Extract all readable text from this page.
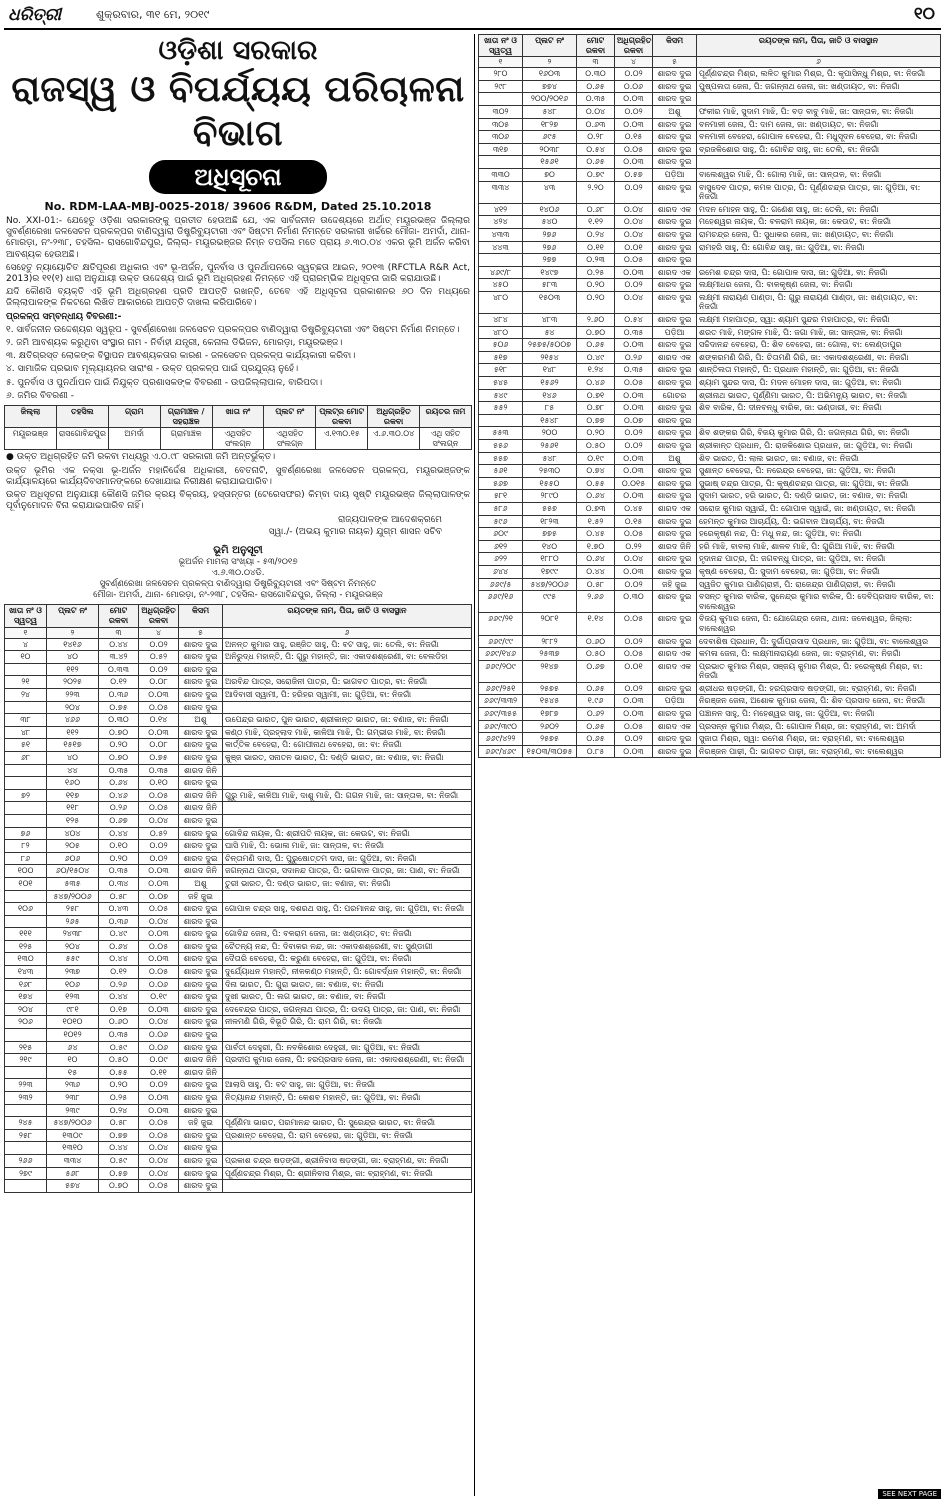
ଧରିତ୍ରୀ	ଶୁକ୍ରବାର, ୩୧ ମେ, ୨୦୧୯	୧୦
ଓଡ଼ିଶା ସରକାର
ରାଜସ୍ୱ ଓ ବିପର୍ଯ୍ୟୟ ପରିଚାଳନା ବିଭାଗ
ଅଧିସୂଚନା
No. RDM-LAA-MBJ-0025-2018/ 39606 R&DM, Dated 25.10.2018

No. XXI-01:- ଯେହେତୁ ଓଡ଼ିଶା ସରକାରଙ୍କୁ ପ୍ରତୀତ ହେଉଅଛି ଯେ, ଏକ ସାର୍ବଜନୀନ ଉଦ୍ଦେଶ୍ୟରେ ଅର୍ଥାତ୍ ମୟୂରଭଞ୍ଜ ଜିଲ୍ଲାର ସୁବର୍ଣ୍ଣରେଖା ଜଳସେଚନ ପ୍ରକଳ୍ପର ବାଣିଦ୍ୱାରା ଡିଷ୍ଟ୍ରିବ୍ୟୁଟାରୀ ଏବଂ ସିଷ୍ଟମ ନିର୍ମାଣ ନିମନ୍ତେ ସରକାରୀ ଖର୍ଚ୍ଚରେ ମୌଜା- ଅମର୍ଦା, ଥାନା- ମୋରଡ଼ା, ନଂ-୨୩୮, ତହସିଲ- ରାସଗୋବିନ୍ଦପୁର, ଜିଲ୍ଲା- ମୟୂରଭଞ୍ଜର ନିମ୍ନ ତପସିଲ ମତେ ପ୍ରାୟ ୬.୩୦.୦୪ ଏକର ଭୂମି ଅର୍ଜନ କରିବା ଆବଶ୍ୟକ ହେଉଅଛି।

ସେହେତୁ ନ୍ୟାୟୋଚିତ କ୍ଷତିପୂରଣ ଅଧିକାର ଏବଂ ଭୂ-ଅର୍ଜନ, ପୁନର୍ବାସ ଓ ପୁନର୍ଥାପନରେ ସ୍ୱଚ୍ଛତା ଆଇନ, ୨୦୧୩ (RFCTLA R&R Act, 2013)ର ୧୧(୧) ଧାରା ଅନୁଯାୟୀ ଉକ୍ତ ଉଦ୍ଦେଶ୍ୟ ପାଇଁ ଭୂମି ଅଧିଗ୍ରହଣ ନିମନ୍ତେ ଏହି ପ୍ରାରମ୍ଭିକ ଅଧିସୂଚନା ଜାରି କରାଯାଉଛି।

ଯଦି କୌଣସି ବ୍ୟକ୍ତି ଏହି ଭୂମି ଅଧିଗ୍ରହଣ ପ୍ରତି ଆପତ୍ତି ରଖନ୍ତି, ତେବେ ଏହି ଅଧିସୂଚନା ପ୍ରକାଶନର ୬୦ ଦିନ ମଧ୍ୟରେ ଜିଲ୍ଲାପାଳଙ୍କ ନିକଟରେ ଲିଖିତ ଆକାରରେ ଆପତ୍ତି ଦାଖଲ କରିପାରିବେ।

ପ୍ରକଳ୍ପ ସମ୍ବନ୍ଧୀୟ ବିବରଣୀ:-
୧. ସାର୍ବଜନୀନ ଉଦ୍ଦେଶ୍ୟର ସ୍ୱରୂପ - ସୁବର୍ଣ୍ଣରେଖା ଜଳସେଚନ ପ୍ରକଳ୍ପର ବାଣିଦ୍ୱାରା ଡିଷ୍ଟ୍ରିବ୍ୟୁଟାରୀ ଏବଂ ସିଷ୍ଟମ ନିର୍ମାଣ ନିମନ୍ତେ।
୨. ଜମି ଆବଶ୍ୟକ କରୁଥିବା ସଂସ୍ଥାର ନାମ - ନିର୍ବାହୀ ଯନ୍ତ୍ରୀ, କେନାଲ ଡିଭିଜନ, ମୋରଡ଼ା, ମୟୂରଭଞ୍ଜ।
୩. କ୍ଷତିଗ୍ରସ୍ତ ଲୋକଙ୍କ ବିସ୍ଥାପନ ଆବଶ୍ୟକତାର କାରଣ - ଜଳସେଚନ ପ୍ରକଳ୍ପ କାର୍ଯ୍ୟକାରୀ କରିବା।
୪. ସାମାଜିକ ପ୍ରଭାବ ମୂଲ୍ୟାୟନର ସାରାଂଶ - ଉକ୍ତ ପ୍ରକଳ୍ପ ପାଇଁ ପ୍ରଯୁଜ୍ୟ ନୁହେଁ।
୫. ପୁନର୍ବାସ ଓ ପୁନର୍ଥାପନ ପାଇଁ ନିଯୁକ୍ତ ପ୍ରଶାସକଙ୍କ ବିବରଣୀ - ଉପଜିଲ୍ଲାପାଳ, ବାରିପଦା।
୬. ଜମିର ବିବରଣୀ -
ଜିଲ୍ଲା	ତହସିଲ	ଗ୍ରାମ	ଗ୍ରାମାଞ୍ଚଳ / ସହରାଞ୍ଚଳ	ଖାତା ନଂ	ପ୍ଲଟ ନଂ	ପ୍ଲଟ୍‌ର ମୋଟ ରକବା	ଅଧିଗ୍ରହିତ ରକବା	ରୟତର ନାମ
ମୟୂରଭଞ୍ଜ	ରାସଗୋବିନ୍ଦପୁର	ଅମର୍ଦା	ଗ୍ରାମାଞ୍ଚଳ	ଏଥିସହିତ ସଂଲଗ୍ନ	ଏଥିସହିତ ସଂଲଗ୍ନ	ଏ.୧୩୦.୧୫	ଏ.୬.୩୦.୦୪	ଏଥି ସହିତ ସଂଲଗ୍ନ

● ଉକ୍ତ ଅଧିଗ୍ରହିତ ଜମି ରକବା ମଧ୍ୟରୁ ଏ.୦.୯୮ ସରକାରୀ ଜମି ଅନ୍ତର୍ଭୁକ୍ତ।

ଉକ୍ତ ଭୂମିର ଏକ ନକ୍ସା ଭୂ-ଅର୍ଜନ ମହାନିର୍ଦ୍ଦେଶ ଅଧିକାରୀ, ବେତନାଟି, ସୁବର୍ଣ୍ଣରେଖା ଜଳସେଚନ ପ୍ରକଳ୍ପ, ମୟୂରଭଞ୍ଜଙ୍କ କାର୍ଯ୍ୟାଳୟରେ କାର୍ଯ୍ୟଦିବସମାନଙ୍କରେ ଦେଖାଯାଇ ନିରୀକ୍ଷଣ କରାଯାଇପାରିବ।

ଉକ୍ତ ଅଧିସୂଚନା ଅନୁଯାୟୀ କୌଣସି ଜମିର କ୍ରୟ ବିକ୍ରୟ, ହସ୍ତାନ୍ତର (ଟେରେସଫର) କିମ୍ବା ଦାୟ ସୃଷ୍ଟି ମୟୂରଭଞ୍ଜ ଜିଲ୍ଲାପାଳଙ୍କ ପୂର୍ବାନୁମୋଦନ ବିନା କରାଯାଇପାରିବ ନାହିଁ।

ରାଜ୍ୟପାଳଙ୍କ ଆଦେଶକ୍ରମେ
ସ୍ୱା./- (ଅଭୟ କୁମାର ନାୟକ) ଯୁଗ୍ମ ଶାସନ ସଚିବ
ଭୂମି ଅନୁସୂଚୀ
ଭୂଅର୍ଜନ ମାମଲା ସଂଖ୍ୟା - ୫୩/୨୦୧୭
ଏ.୬.୩୦.୦୪ଡି.
ସୁବର୍ଣ୍ଣରେଖା ଜଳସେଚନ ପ୍ରକଳ୍ପ ବାଣିଦ୍ୱାରା ଡିଷ୍ଟ୍ରିବ୍ୟୁଟାରୀ ଏବଂ ସିଷ୍ଟମ ନିମନ୍ତେ
ମୌଜା- ଅମର୍ଦା, ଥାନା- ମୋରଡ଼ା, ନଂ-୨୩୮, ତହସିଲ- ରାସଗୋବିନ୍ଦପୁର, ଜିଲ୍ଲା - ମୟୂରଭଞ୍ଜ
ଖାତା ନଂ ଓ ସ୍ୱତ୍ୱ	ପ୍ଲଟ ନଂ	ମୋଟ ରକବା	ଅଧିଗ୍ରହିତ ରକବା	କିସମ	ରୟତଙ୍କ ନାମ, ପିତା, ଜାତି ଓ ବାସସ୍ଥାନ
୧	୨	୩	୪	୫	୬
୪	୧୪୧୬	୦.୪୪	୦.୦୨	ଶାରଦ ଦୁଇ	ଅନନ୍ତ କୁମାର ସାହୁ, ରଞ୍ଜିତ ସାହୁ, ପି: ବଟ ସାହୁ, ଜା: ତେଲି, ବା: ନିଜଗାଁ
୧୦	୪୦	୩.୪୨	୦.୫୨	ଶାରଦ ଦୁଇ	ଅନିରୁଦ୍ଧ ମହାନ୍ତି, ପି: ଗୁରୁ ମହାନ୍ତି, ଜା: ଏକାଦଶଶ୍ରେଣୀ, ବା: ବେଲଡିହା
	୧୧୨	୦.୩୩	୦.୦୨	ଶାରଦ ଦୁଇ	
୨୧	୨୦୨୫	୦.୧୨	୦.୦୮	ଶାରଦ ଦୁଇ	ଅରବିନ୍ଦ ପାତ୍ର, ସରୋଜିନୀ ପାତ୍ର, ପି: ଭାଗବତ ପାତ୍ର, ବା: ନିଜଗାଁ
୨୪	୨୨୩	୦.୩୬	୦.୦୩	ଶାରଦ ଦୁଇ	ଆଦିବାସୀ ସ୍ୱାମୀ, ପି: ହରିହର ସ୍ୱାମୀ, ଜା: ଗୁଡ଼ିଆ, ବା: ନିଜଗାଁ
	୨୦୪	୦.୭୫	୦.୦୫	ଶାରଦ ଦୁଇ	
୩୮	୪୬୬	୦.୩୦	୦.୧୪	ଅଶୁ	ଉପେନ୍ଦ୍ର ଭାରତ, ପୁନ ଭାରତ, ଶ୍ରୀକାନ୍ତ ଭାରତ, ଜା: ବଣାଜ, ବା: ନିଜଗାଁ
୪୮	୧୧୨	୦.୭୦	୦.୦୩	ଶାରଦ ଦୁଇ	କଣ୍ଠ ମାଝି, ପ୍ରହ୍ଲାଦ ମାଝି, କାଳିଆ ମାଝି, ପି: ଗମ୍ଭୀର ମାଝି, ବା: ନିଜଗାଁ
୫୧	୧୫୧୭	୦.୨୦	୦.୦୮	ଶାରଦ ଦୁଇ	କାର୍ତ୍ତିକ ବେହେରା, ପି: ଗୋପୀନାଥ ବେହେରା, ଜା: ବା: ନିଜଗାଁ
୬୮	୪୦	୦.୭୦	୦.୭୫	ଶାରଦ ଦୁଇ	କୁଞ୍ଜ ଭାରତ, ସନାତନ ଭାରତ, ପି: ଦଣ୍ଡି ଭାରତ, ଜା: ବଣାଜ, ବା: ନିଜଗାଁ
	୪୪	୦.୩୫	୦.୩୫	ଶାରଦ ଜିନି	
	୧୬୦	୦.୬୪	୦.୧୦	ଶାରଦ ଦୁଇ	
୭୨	୧୧୭	୦.୪୬	୦.୦୫	ଶାରଦ ଜିନି	ଗୁରୁ ମାଝି, କାଳିଆ ମାଝି, ଦାଶୁ ମାଝି, ପି: ଗଗନ ମାଝି, ଜା: ସାନ୍ତାଳ, ବା: ନିଜଗାଁ
	୧୧୮	୦.୨୬	୦.୦୫	ଶାରଦ ଜିନି	
	୧୨୫	୦.୬୭	୦.୦୪	ଶାରଦ ଦୁଇ	
୭୬	୪୦୪	୦.୪୪	୦.୫୨	ଶାରଦ ଦୁଇ	ଗୋବିନ୍ଦ ନାୟକ, ପି: ଶ୍ରୀପତି ନାୟକ, ଜା: କେଉଟ, ବା: ନିଜଗାଁ
୮୨	୨୦୫	୦.୧୦	୦.୦୨	ଶାରଦ ଦୁଇ	ଘାସି ମାଝି, ପି: ଭୋଳା ମାଝି, ଜା: ସାନ୍ତାଳ, ବା: ନିଜଗାଁ
୮୬	୬୦୬	୦.୨୦	୦.୦୨	ଶାରଦ ଦୁଇ	ଚିନ୍ତାମଣି ଦାସ, ପି: ପୁରୁଷୋତ୍ତମ ଦାସ, ଜା: ଗୁଡ଼ିଆ, ବା: ନିଜଗାଁ
୧୦୦	୬୦/୧୫୦୪	୦.୩୫	୦.୦୩	ଶାରଦ ଜିନି	ଜଗନ୍ନାଥ ପାତ୍ର, ସଦାନନ୍ଦ ପାତ୍ର, ପି: ଭଗବାନ ପାତ୍ର, ଜା: ପାଣ, ବା: ନିଜଗାଁ
୧୦୧	୫୩୫	୦.୩୪	୦.୦୩	ଅଶୁ	ତୁରୀ ଭାରତ, ପି: ଦଣ୍ଡ ଭାରତ, ଜା: ବଣାଜ, ବା: ନିଜଗାଁ
	୫୪୭/୨୦୦୬	୦.୫୮	୦.୦୭	ଜହି ଜୁଇ	
୧୦୬	୨୫୮	୦.୪୩	୦.୦୫	ଶାରଦ ଦୁଇ	ଗୋପାଳ ଚନ୍ଦ୍ର ସାହୁ, ଦଶରଥ ସାହୁ, ପି: ପରମାନନ୍ଦ ସାହୁ, ଜା: ଗୁଡ଼ିଆ, ବା: ନିଜଗାଁ
	୨୬୫	୦.୩୬	୦.୦୪	ଶାରଦ ଦୁଇ	
୧୧୧	୨୪୩୮	୦.୪୯	୦.୦୩	ଶାରଦ ଦୁଇ	ଗୋବିନ୍ଦ ଜେନା, ପି: ବଳରାମ ଜେନା, ଜା: ଖଣ୍ଡାୟତ, ବା: ନିଜଗାଁ
୧୨୫	୨୦୪	୦.୬୪	୦.୦୫	ଶାରଦ ଦୁଇ	ଚୈତନ୍ୟ ନନ୍ଦ, ପି: ଦିବାକର ନନ୍ଦ, ଜା: ଏକାଦଶଶ୍ରେଣୀ, ବା: ସୁଣ୍ଡାଗୀ
୧୩୦	୫୫୯	୦.୪୪	୦.୦୩	ଶାରଦ ଦୁଇ	ଦୈତାରି ବେହେରା, ପି: କରୁଣା ବେହେରା, ଜା: ଗୁଡ଼ିଆ, ବା: ନିଜଗାଁ
୧୪୩	୨୩୭	୦.୧୨	୦.୦୫	ଶାରଦ ଦୁଇ	ଦୁର୍ଯ୍ୟୋଧନ ମହାନ୍ତି, ନୀଳକଣ୍ଠ ମହାନ୍ତି, ପି: ଗୋବର୍ଦ୍ଧନ ମହାନ୍ତି, ବା: ନିଜଗାଁ
୧୬୮	୧୦୬	୦.୨୬	୦.୦୬	ଶାରଦ ଦୁଇ	ଦିନା ଭାରତ, ପି: ଗୁରା ଭାରତ, ଜା: ବଣାଜ, ବା: ନିଜଗାଁ
୧୭୪	୧୨୩	୦.୪୪	୦.୧୯	ଶାରଦ ଦୁଇ	ଦୁଖୀ ଭାରତ, ପି: ଲଗ ଭାରତ, ଜା: ବଣାଜ, ବା: ନିଜଗାଁ
୨୦୪	୯୮୧	୦.୧୭	୦.୦୩	ଶାରଦ ଦୁଇ	ଦେବେନ୍ଦ୍ର ପାତ୍ର, ଜଗନ୍ନାଥ ପାତ୍ର, ପି: ଉଦୟ ପାତ୍ର, ଜା: ପାଣ, ବା: ନିଜଗାଁ
୨୦୬	୧୦୧୦	୦.୬୦	୦.୦୪	ଶାରଦ ଦୁଇ	ନୀଳମଣି ଗିରି, ବିଭୂତି ଗିରି, ପି: ରାମ ଗିରି, ବା: ନିଜଗାଁ
	୧୦୧୨	୦.୩୫	୦.୦୬	ଶାରଦ ଦୁଇ	
୨୧୫	୬୪	୦.୫୯	୦.୦୬	ଶାରଦ ଦୁଇ	ପାର୍ବତୀ ଦେହୁରୀ, ପି: ନବକିଶୋର ଦେହୁରୀ, ଜା: ଗୁଡ଼ିଆ, ବା: ନିଜଗାଁ
୨୧୯	୧୦	୦.୫୦	୦.୦୯	ଶାରଦ ଜିନି	ପ୍ରଦୀପ କୁମାର ଜେନା, ପି: ହରପ୍ରସାଦ ଜେନା, ଜା: ଏକାଦଶଶ୍ରେଣୀ, ବା: ନିଜଗାଁ
	୧୫	୦.୫୫	୦.୧୧	ଶାରଦ ଜିନି	
୨୨୩	୨୩୬	୦.୨୦	୦.୦୨	ଶାରଦ ଦୁଇ	ଆଲାସି ସାହୁ, ପି: ବଟ ସାହୁ, ଜା: ଗୁଡ଼ିଆ, ବା: ନିଜଗାଁ
୨୩୨	୨୩୮	୦.୨୫	୦.୦୩	ଶାରଦ ଦୁଇ	ନିତ୍ୟାନନ୍ଦ ମହାନ୍ତି, ପି: କେଶବ ମହାନ୍ତି, ଜା: ଗୁଡ଼ିଆ, ବା: ନିଜଗାଁ
	୨୩୯	୦.୨୪	୦.୦୩	ଶାରଦ ଦୁଇ	
୨୪୫	୫୪୭/୨୦୦୬	୦.୫୮	୦.୦୫	ଜହି ଜୁଇ	ପୂର୍ଣ୍ଣିମା ଭାରତ, ପରମାନନ୍ଦ ଭାରତ, ପି: ସୁରେନ୍ଦ୍ର ଭାରତ, ବା: ନିଜଗାଁ
୨୫୮	୧୩୦୯	୦.୭୭	୦.୦୫	ଶାରଦ ଦୁଇ	ପ୍ରଶାନ୍ତ ବେହେରା, ପି: ରାମ ବେହେରା, ଜା: ଗୁଡ଼ିଆ, ବା: ନିଜଗାଁ
	୧୩୧୦	୦.୪୪	୦.୦୪	ଶାରଦ ଦୁଇ	
୨୬୬	୩୩୪	୦.୫୯	୦.୦୪	ଶାରଦ ଦୁଇ	ପ୍ରକାଶ ଚନ୍ଦ୍ର ଷଡ଼ଙ୍ଗୀ, ଶ୍ରୀନିବାସ ଷଡ଼ଙ୍ଗୀ, ଜା: ବ୍ରାହ୍ମଣ, ବା: ନିଜଗାଁ
୨୭୯	୫୬୮	୦.୫୭	୦.୦୪	ଶାରଦ ଦୁଇ	ପୂର୍ଣ୍ଣଚନ୍ଦ୍ର ମିଶ୍ର, ପି: ଶ୍ରୀନିବାସ ମିଶ୍ର, ଜା: ବ୍ରାହ୍ମଣ, ବା: ନିଜଗାଁ
	୫୭୪	୦.୭୦	୦.୦୫	ଶାରଦ ଦୁଇ	
ଖାତା ନଂ ଓ ସ୍ୱତ୍ୱ	ପ୍ଲଟ ନଂ	ମୋଟ ରକବା	ଅଧିଗ୍ରହିତ ରକବା	କିସମ	ରୟତଙ୍କ ନାମ, ପିତା, ଜାତି ଓ ବାସସ୍ଥାନ
୧	୨	୩	୪	୫	୬
୨୮୦	୧୬୦୩	୦.୩୦	୦.୦୨	ଶାରଦ ଦୁଇ	ପୂର୍ଣ୍ଣଚନ୍ଦ୍ର ମିଶ୍ର, ଲଳିତ କୁମାର ମିଶ୍ର, ପି: କୃପାସିନ୍ଧୁ ମିଶ୍ର, ବା: ନିଜଗାଁ
୨୯୮	୭୭୪	୦.୬୫	୦.୦୬	ଶାରଦ ଦୁଇ	ପୁଷ୍ପଲତା ଜେନା, ପି: ଜଗନ୍ନାଥ ଜେନା, ଜା: ଖଣ୍ଡାୟତ, ବା: ନିଜଗାଁ
	୨୦୦/୨୦୧୬	୦.୩୫	୦.୦୩	ଶାରଦ ଦୁଇ	
୩୦୨	୫୪୮	୦.୦୪	୦.୦୨	ଅଶୁ	ଫକୀର ମାଝି, ସୁଦାମ ମାଝି, ପି: ବଡ଼ ବାବୁ ମାଝି, ଜା: ସାନ୍ତାଳ, ବା: ନିଜଗାଁ
୩୦୫	୧୮୨୭	୦.୬୩	୦.୦୩	ଶାରଦ ଦୁଇ	ବନମାଳୀ ଜେନା, ପି: ଦାମ ଜେନା, ଜା: ଖଣ୍ଡାୟତ, ବା: ନିଜଗାଁ
୩୦୬	୬୯୫	୦.୨୮	୦.୧୫	ଶାରଦ ଦୁଇ	ବନମାଳୀ ବେହେରା, ଗୋପାଳ ବେହେରା, ପି: ମଧୁସୂଦନ ବେହେରା, ବା: ନିଜଗାଁ
୩୧୭	୨୦୩୮	୦.୫୪	୦.୦୫	ଶାରଦ ଦୁଇ	ବ୍ରଜକିଶୋର ସାହୁ, ପି: ଗୋବିନ୍ଦ ସାହୁ, ଜା: ତେଲି, ବା: ନିଜଗାଁ
	୧୫୬୧	୦.୬୫	୦.୦୩	ଶାରଦ ଦୁଇ	
୩୩୦	୭୦	୦.୭୯	୦.୫୭	ପଡ଼ିଆ	ବାଲେଶ୍ୱର ମାଝି, ପି: ଗୋଲା ମାଝି, ଜା: ସାନ୍ତାଳ, ବା: ନିଜଗାଁ
୩୩୪	୪୩	୨.୨୦	୦.୦୨	ଶାରଦ ଦୁଇ	ବାସୁଦେବ ପାତ୍ର, କମଳ ପାତ୍ର, ପି: ପୂର୍ଣ୍ଣଚନ୍ଦ୍ର ପାତ୍ର, ଜା: ଗୁଡ଼ିଆ, ବା: ନିଜଗାଁ
୪୧୨	୧୪୦୬	୦.୬୮	୦.୦୪	ଶାରଦ ଏକ	ମଦନ ମୋହନ ସାହୁ, ପି: ଗଣେଶ ସାହୁ, ଜା: ତେଲି, ବା: ନିଜଗାଁ
୪୨୪	୫୪୦	୧.୧୨	୦.୦୪	ଶାରଦ ଦୁଇ	ମହେଶ୍ୱର ନାୟକ, ପି: ବଳରାମ ନାୟକ, ଜା: କେଉଟ, ବା: ନିଜଗାଁ
୪୩୩	୨୭୬	୦.୨୪	୦.୦୪	ଶାରଦ ଦୁଇ	ରାମଚନ୍ଦ୍ର ଜେନା, ପି: ସୁଧାକର ଜେନା, ଜା: ଖଣ୍ଡାୟତ, ବା: ନିଜଗାଁ
୪୪୩	୨୭୬	୦.୧୧	୦.୦୧	ଶାରଦ ଦୁଇ	ରାମହରି ସାହୁ, ପି: ଗୋବିନ୍ଦ ସାହୁ, ଜା: ଗୁଡ଼ିଆ, ବା: ନିଜଗାଁ
	୨୭୭	୦.୨୩	୦.୦୫	ଶାରଦ ଦୁଇ	
୪୬୯/୮	୧୪୯୭	୦.୨୫	୦.୦୩	ଶାରଦ ଏକ	ରମେଶ ଚନ୍ଦ୍ର ଦାସ, ପି: ଗୋପାଳ ଦାସ, ଜା: ଗୁଡ଼ିଆ, ବା: ନିଜଗାଁ
୪୫୦	୫୮୩	୦.୨୦	୦.୦୨	ଶାରଦ ଦୁଇ	ଲକ୍ଷ୍ମୀଧର ଜେନା, ପି: ବାଳକୃଷ୍ଣ ଜେନା, ବା: ନିଜଗାଁ
୪୮୦	୧୫୦୩	୦.୨୦	୦.୦୪	ଶାରଦ ଦୁଇ	ଲକ୍ଷ୍ମୀ ନାରାୟଣ ପାଣ୍ଡା, ପି: ଗୁରୁ ନାରାୟଣ ପାଣ୍ଡା, ଜା: ଖଣ୍ଡାୟତ, ବା: ନିଜଗାଁ
୪୮୪	୪୮୩	୨.୬୦	୦.୫୪	ଶାରଦ ଦୁଇ	ଲକ୍ଷ୍ମୀ ମହାପାତ୍ର, ସ୍ୱା: ଶ୍ୟାମ ସୁନ୍ଦର ମହାପାତ୍ର, ବା: ନିଜଗାଁ
୪୮୦	୫୪	୦.୭୦	୦.୩୫	ପଡ଼ିଆ	ଶରତ ମାଝି, ମଙ୍ଗଳ ମାଝି, ପି: ଜଗା ମାଝି, ଜା: ସାନ୍ତାଳ, ବା: ନିଜଗାଁ
୫୦୬	୨୫୭୫/୫୦୦୭	୦.୬୫	୦.୦୩	ଶାରଦ ଦୁଇ	ସଚ୍ଚିଦାନନ୍ଦ ବେହେରା, ପି: ଶିବ ବେହେରା, ଜା: ଗୋଲା, ବା: ଲେଣ୍ଡାପୁର
୫୧୭	୨୧୫୪	୦.୪୯	୦.୨୬	ଶାରଦ ଏକ	ଶଙ୍କରମଣି ଗିରି, ପି: ଚିତାମଣି ଗିରି, ଜା: ଏକାଦଶଶ୍ରେଣୀ, ବା: ନିଜଗାଁ
୫୧୮	୧୪୮	୧.୨୪	୦.୩୫	ଶାରଦ ଦୁଇ	ଶାନ୍ତିଲତା ମହାନ୍ତି, ପି: ପ୍ରଧାନ ମହାନ୍ତି, ଜା: ଗୁଡ଼ିଆ, ବା: ନିଜଗାଁ
୫୪୫	୧୫୬୨	୦.୪୬	୦.୦୫	ଶାରଦ ଦୁଇ	ଶ୍ୟାମ ସୁନ୍ଦର ଦାସ, ପି: ମଦନ ମୋହନ ଦାସ, ଜା: ଗୁଡ଼ିଆ, ବା: ନିଜଗାଁ
୫୪୯	୧୪୬	୦.୭୧	୦.୦୩	ଗୋଚର	ଶ୍ରୀନାଥ ଭାରତ, ପୂର୍ଣ୍ଣିମା ଭାରତ, ପି: ଅଭିମନ୍ୟୁ ଭାରତ, ବା: ନିଜଗାଁ
୫୫୨	୮୫	୦.୭୮	୦.୦୩	ଶାରଦ ଦୁଇ	ଶିବ ବାରିକ, ପି: ଦୀନବନ୍ଧୁ ବାରିକ, ଜା: ଭଣ୍ଡାରୀ, ବା: ନିଜଗାଁ
	୧୫୪୮	୦.୭୭	୦.୦୭	ଶାରଦ ଦୁଇ	
୫୫୩	୨୦୦	୦.୨୦	୦.୦୨	ଶାରଦ ଦୁଇ	ଶିବ ଶଙ୍କର ଗିରି, ବିଜୟ କୁମାର ଗିରି, ପି: ଜଗନ୍ନାଥ ଗିରି, ବା: ନିଜଗାଁ
୫୫୬	୨୫୬୧	୦.୫୦	୦.୦୨	ଶାରଦ ଦୁଇ	ଶ୍ରୀକାନ୍ତ ପ୍ରଧାନ, ପି: ରାଜକିଶୋର ପ୍ରଧାନ, ଜା: ଗୁଡ଼ିଆ, ବା: ନିଜଗାଁ
୫୫୭	୫୪୮	୦.୧୯	୦.୦୩	ଅଶୁ	ଶିବ ଭାରତ, ପି: ଲାଲ ଭାରତ, ଜା: ବଣାଜ, ବା: ନିଜଗାଁ
୫୬୧	୨୫୩୦	୦.୭୪	୦.୦୩	ଶାରଦ ଦୁଇ	ସୁଶାନ୍ତ ବେହେରା, ପି: ନରେନ୍ଦ୍ର ବେହେରା, ଜା: ଗୁଡ଼ିଆ, ବା: ନିଜଗାଁ
୫୬୭	୧୫୫୦	୦.୫୫	୦.୦୧୫	ଶାରଦ ଦୁଇ	ସୁଭାଷ୍ ଚନ୍ଦ୍ର ପାତ୍ର, ପି: କୃଷ୍ଣଚନ୍ଦ୍ର ପାତ୍ର, ଜା: ଗୁଡ଼ିଆ, ବା: ନିଜଗାଁ
୫୮୧	୨୮୯୦	୦.୬୪	୦.୦୩	ଶାରଦ ଦୁଇ	ସୁଦାମ ଭାରତ, ହରି ଭାରତ, ପି: ଦଣ୍ଡି ଭାରତ, ଜା: ବଣାଜ, ବା: ନିଜଗାଁ
୫୮୬	୫୫୭	୦.୭୩	୦.୪୫	ଶାରଦ ଏକ	ସରୋଜ କୁମାର ସ୍ୱାଇଁ, ପି: ଗୋପାଳ ସ୍ୱାଇଁ, ଜା: ଖଣ୍ଡାୟତ, ବା: ନିଜଗାଁ
୫୯୬	୧୮୨୩	୧.୫୨	୦.୧୫	ଶାରଦ ଦୁଇ	ହେମନ୍ତ କୁମାର ଆଚାର୍ଯ୍ୟ, ପି: ଭଗବାନ ଆଚାର୍ଯ୍ୟ, ବା: ନିଜଗାଁ
୬୦୯	୭୭୫	୦.୪୫	୦.୦୫	ଶାରଦ ଦୁଇ	ହରେକୃଷ୍ଣ ନନ୍ଦ, ପି: ମଧୁ ନନ୍ଦ, ଜା: ଗୁଡ଼ିଆ, ବା: ନିଜଗାଁ
୬୧୨	୧୪୦	୧.୭୦	୦.୨୨	ଶାରଦ ଜିନି	ହରି ମାଝି, ବାବଲା ମାଝି, ଶାଳବ ମାଝି, ପି: ଗୁରିଆ ମାଝି, ବା: ନିଜଗାଁ
୬୨୨	୧୮୮୦	୦.୬୪	୦.୦୪	ଶାରଦ ଦୁଇ	ହୃଦାନନ୍ଦ ପାତ୍ର, ପି: ଜଗବନ୍ଧୁ ପାତ୍ର, ଜା: ଗୁଡ଼ିଆ, ବା: ନିଜଗାଁ
୬୪୪	୧୭୯୯	୦.୪୪	୦.୦୩	ଶାରଦ ଦୁଇ	କୃଷ୍ଣ ବେହେରା, ପି: ସୁଦାମ ବେହେରା, ଜା: ଗୁଡ଼ିଆ, ବା: ନିଜଗାଁ
୬୬୯/୫	୫୪୭/୨୦୦୬	୦.୫୮	୦.୦୨	ଜହି ଜୁଇ	ସ୍ୱଜିତ କୁମାର ପାଣିଗ୍ରାହୀ, ପି: ରାଜେନ୍ଦ୍ର ପାଣିଗ୍ରାହୀ, ବା: ନିଜଗାଁ
୬୬୯/୧୬	୯୯୫	୨.୬୬	୦.୩୦	ଶାରଦ ଦୁଇ	ବସନ୍ତ କୁମାର ବାରିକ, ସୁନେନ୍ଦ୍ର କୁମାର ବାରିକ, ପି: ଦେବିପ୍ରସାଦ ବାରିକ, ବା: ବାଲେଶ୍ୱର
୬୬୯/୨୧	୨୦୮୧	୧.୧୪	୦.୦୫	ଶାରଦ ଦୁଇ	ବିଜୟ କୁମାର ଜେନା, ପି: ଯୋଗେନ୍ଦ୍ର ଜେନା, ଥାନା: ଜଳେଶ୍ୱର, ଜିଲ୍ଲା: ବାଲେଶ୍ୱର
୬୬୯/୯୯	୨୮୮୨	୦.୬୦	୦.୦୨	ଶାରଦ ଦୁଇ	ଦେବାଶିଷ ପ୍ରଧାନ, ପି: ଦୁର୍ଗାପ୍ରସାଦ ପ୍ରଧାନ, ଜା: ଗୁଡ଼ିଆ, ବା: ବାଲେଶ୍ୱର
୬୬୯/୧୪୬	୨୫୩୭	୦.୫୦	୦.୦୫	ଶାରଦ ଏକ	କମଳା ଜେନା, ପି: ଲକ୍ଷ୍ମୀନାରାୟଣ ଜେନା, ଜା: ବ୍ରାହ୍ମଣ, ବା: ନିଜଗାଁ
୬୬୯/୨୦୯	୨୧୪୭	୦.୬୭	୦.୦୧	ଶାରଦ ଏକ	ପ୍ରଭାତ କୁମାର ମିଶ୍ର, ସଞ୍ଜୟ କୁମାର ମିଶ୍ର, ପି: ହରେକୃଷ୍ଣ ମିଶ୍ର, ବା: ନିଜଗାଁ
୬୬୯/୨୫୧	୨୫୭୫	୦.୬୫	୦.୦୨	ଶାରଦ ଦୁଇ	ଶ୍ରୀଧର ଷଡ଼ଙ୍ଗୀ, ପି: ହରପ୍ରସାଦ ଷଡ଼ଙ୍ଗୀ, ଜା: ବ୍ରାହ୍ମଣ, ବା: ନିଜଗାଁ
୬୬୯/୩୩୨	୧୫୪୫	୧.୯୬	୦.୦୩	ପଡ଼ିଆ	ନିରଞ୍ଜନ ଜେନା, ଅଶୋକ କୁମାର ଜେନା, ପି: ଶିବ ପ୍ରସାଦ ଜେନା, ବା: ନିଜଗାଁ
୬୬୯/୩୫୫	୧୭୮୭	୦.୬୨	୦.୦୩	ଶାରଦ ଦୁଇ	ପଞ୍ଚାନନ ସାହୁ, ପି: ମହେଶ୍ୱର ସାହୁ, ଜା: ଗୁଡ଼ିଆ, ବା: ନିଜଗାଁ
୬୬୯/୩୯୦	୨୬୦୨	୦.୬୫	୦.୦୫	ଶାରଦ ଏକ	ପ୍ରସନ୍ନ କୁମାର ମିଶ୍ର, ପି: ଗୋପାଳ ମିଶ୍ର, ଜା: ବ୍ରାହ୍ମଣ, ବା: ଅମର୍ଦା
୬୬୯/୪୨୨	୨୫୭୫	୦.୬୫	୦.୦୨	ଶାରଦ ଦୁଇ	ସୁଜାତା ମିଶ୍ର, ସ୍ୱା: ରମେଶ ମିଶ୍ର, ଜା: ବ୍ରାହ୍ମଣ, ବା: ବାଲେଶ୍ୱର
୬୬୯/୪୬୯	୧୫୦୩/୩୦୭୫	୦.୮୫	୦.୦୩	ଶାରଦ ଦୁଇ	ନିରଞ୍ଜନ ପାଢ଼ୀ, ପି: ଭାଗବତ ପାଢ଼ୀ, ଜା: ବ୍ରାହ୍ମଣ, ବା: ବାଲେଶ୍ୱର
SEE NEXT PAGE
